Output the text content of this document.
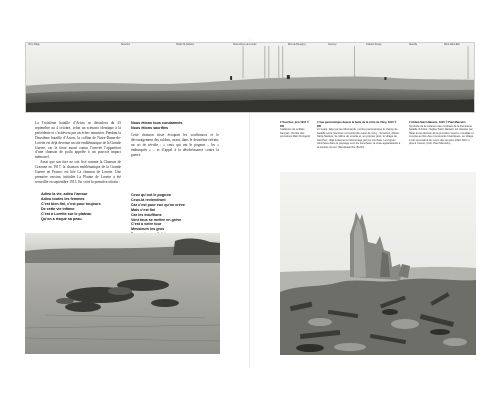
Vimy Ridge	Souchez	Ablain-St-Nazaire	Notre-Dame de Lorette	Bois de Bouvigny	Carency	Cabaret Rouge	Neuville	Mont-Saint-Éloi

La Troisième bataille d’Artois se déroulera du 25 septembre au 4 octobre, selon un scénario identique à la précédente et s’achèvera par un échec meurtrier. Pendant la Deuxième bataille d’Artois, la colline de Notre-Dame-de-Lorette est déjà devenue un site emblématique de la Grande Guerre, car la fosse aurait connu l’arrivée l’apparition d’une chanson de poilu appelée à un pouvoir impact mémoriel.

Aussi que son titre ne soit fixé comme la Chanson de Craonne en 1917, la chanson emblématique de la Grande Guerre en France, est liée La chanson de Lorette. Une première version, intitulée La Plainte de Lorette a été recueillie en septembre 1915. En voici la première refrain :

Adieu la vie, adieu l’amour
Adieu toutes les femmes
C’est bien fini, c’est pour toujours
De cette vie infâme
C’est à Lorette sur le plateau
Qu’on a risqué sa peau
Nous étions tous condamnés
Nous étions sacrifiés

Cette chanson triste évoquait les souffrances et le découragement des soldats, avant, dans le deuxième refrain, un cri de révolte : « ceux qui ont le pognon – les « embusqués » – et d’appel à la désobéissance contre la guerre.

Ceux qu’ont le pognon
Ceux-là reviendront
Car c’est pour eux qu’on crève
Mais c’est fini
Car les trouffions
Vont tous se mettre en grève
C’est à votre tour
Messieurs les gros
# Souchez, juin 1915 © DR
Cadavres de soldats français. (Fonds des premières Main Dorigent)
# Vue panoramique depuis la butte de la crête de Vimy, 1915 © DR
À l’ouest, faite par les Allemands, montre panoramique le champ de bataille entre Souchez et l’extrémité ouest de Vimy : Souchez, Ablain-Saint-Nazaire, la colline de Lorette et, au premier plan, le village de Souchez, déjà lentement endommagé par les combats. Les lignes tranchées dans le paysage sont les tranchées, la craie apparaissant à la surface du sol. (Bundesarchiv, Berlin)
# Ablain-Saint-Nazaire, 1915 © Paul Marcelin
Symbole de la violence des combats de la Deuxième bataille d’Artois, l’église Saint-Nazaire est classée par l’État au lendemain de la première Guerre mondiale et compte au titre des monuments historiques. Le village a été reconstruit au cours des années 1920, 500 m plus à l’ouest. (Coll. Paul Marcelin)
